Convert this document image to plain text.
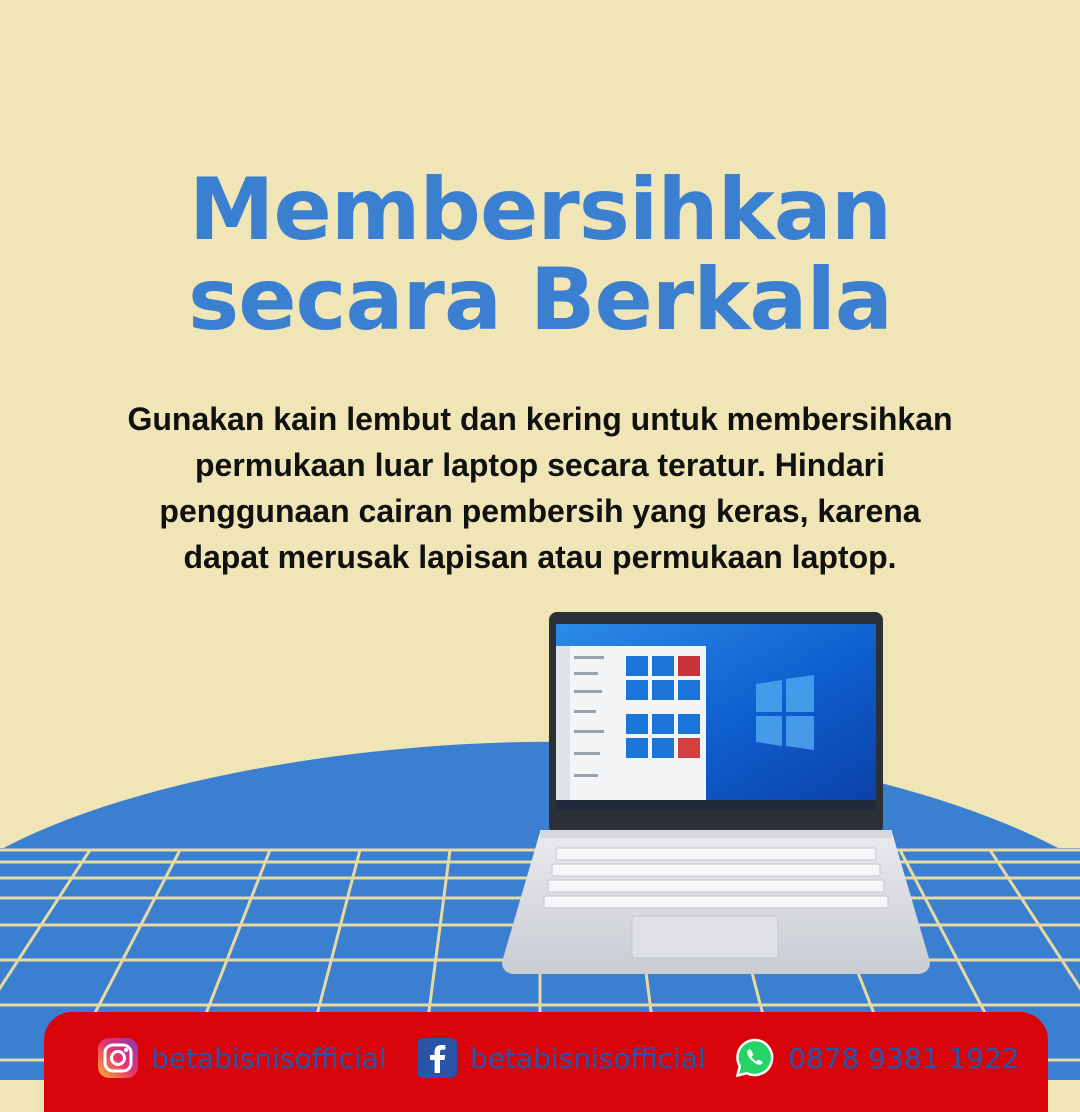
Membersihkan
secara Berkala
Gunakan kain lembut dan kering untuk membersihkan
permukaan luar laptop secara teratur. Hindari
penggunaan cairan pembersih yang keras, karena
dapat merusak lapisan atau permukaan laptop.
betabisnisofficial	betabisnisofficial	0878 9381 1922
